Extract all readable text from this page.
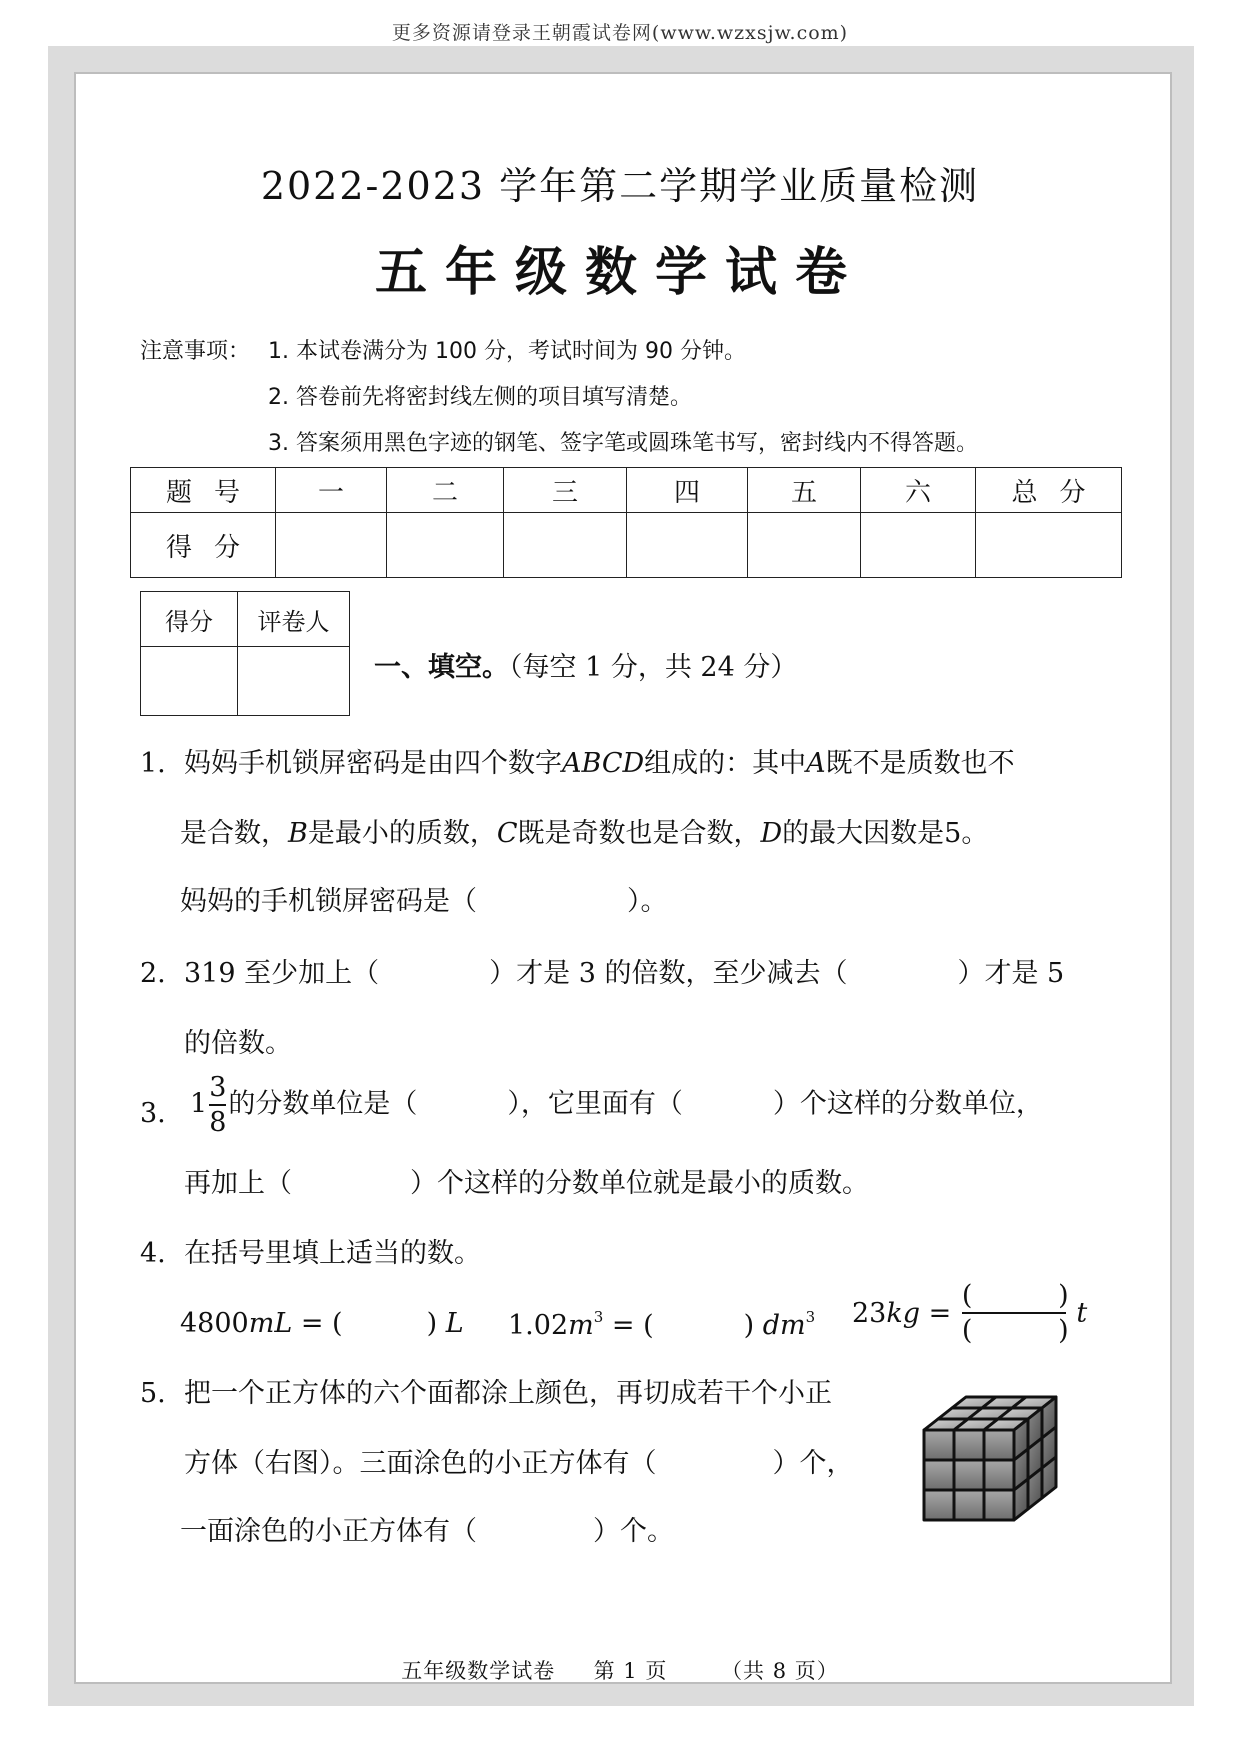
更多资源请登录王朝霞试卷网(www.wzxsjw.com)
2022-2023 学年第二学期学业质量检测
五年级数学试卷
注意事项： 1. 本试卷满分为 100 分，考试时间为 90 分钟。
2. 答卷前先将密封线左侧的项目填写清楚。
3. 答案须用黑色字迹的钢笔、签字笔或圆珠笔书写，密封线内不得答题。
题号	一	二	三	四	五	六	总分
得分							
得分	评卷人

一、填空。（每空 1 分，共 24 分）
1. 妈妈手机锁屏密码是由四个数字ABCD组成的：其中A既不是质数也不
是合数，B是最小的质数，C既是奇数也是合数，D的最大因数是5。
妈妈的手机锁屏密码是（	）。
2. 319 至少加上（	）才是 3 的倍数，至少减去（	）才是 5
的倍数。
3. $1 \frac{3}{8}$ 的分数单位是（	），它里面有（	）个这样的分数单位，
再加上（	）个这样的分数单位就是最小的质数。
4. 在括号里填上适当的数。
4800mL = (	) L $1.02m^3$ = (	) $dm^3$ $23kg = \frac{( )}{( )}$ t
5. 把一个正方体的六个面都涂上颜色，再切成若干个小正
方体（右图）。三面涂色的小正方体有（	）个，
一面涂色的小正方体有（	）个。
五年级数学试卷 第 1 页	（共 8 页）
